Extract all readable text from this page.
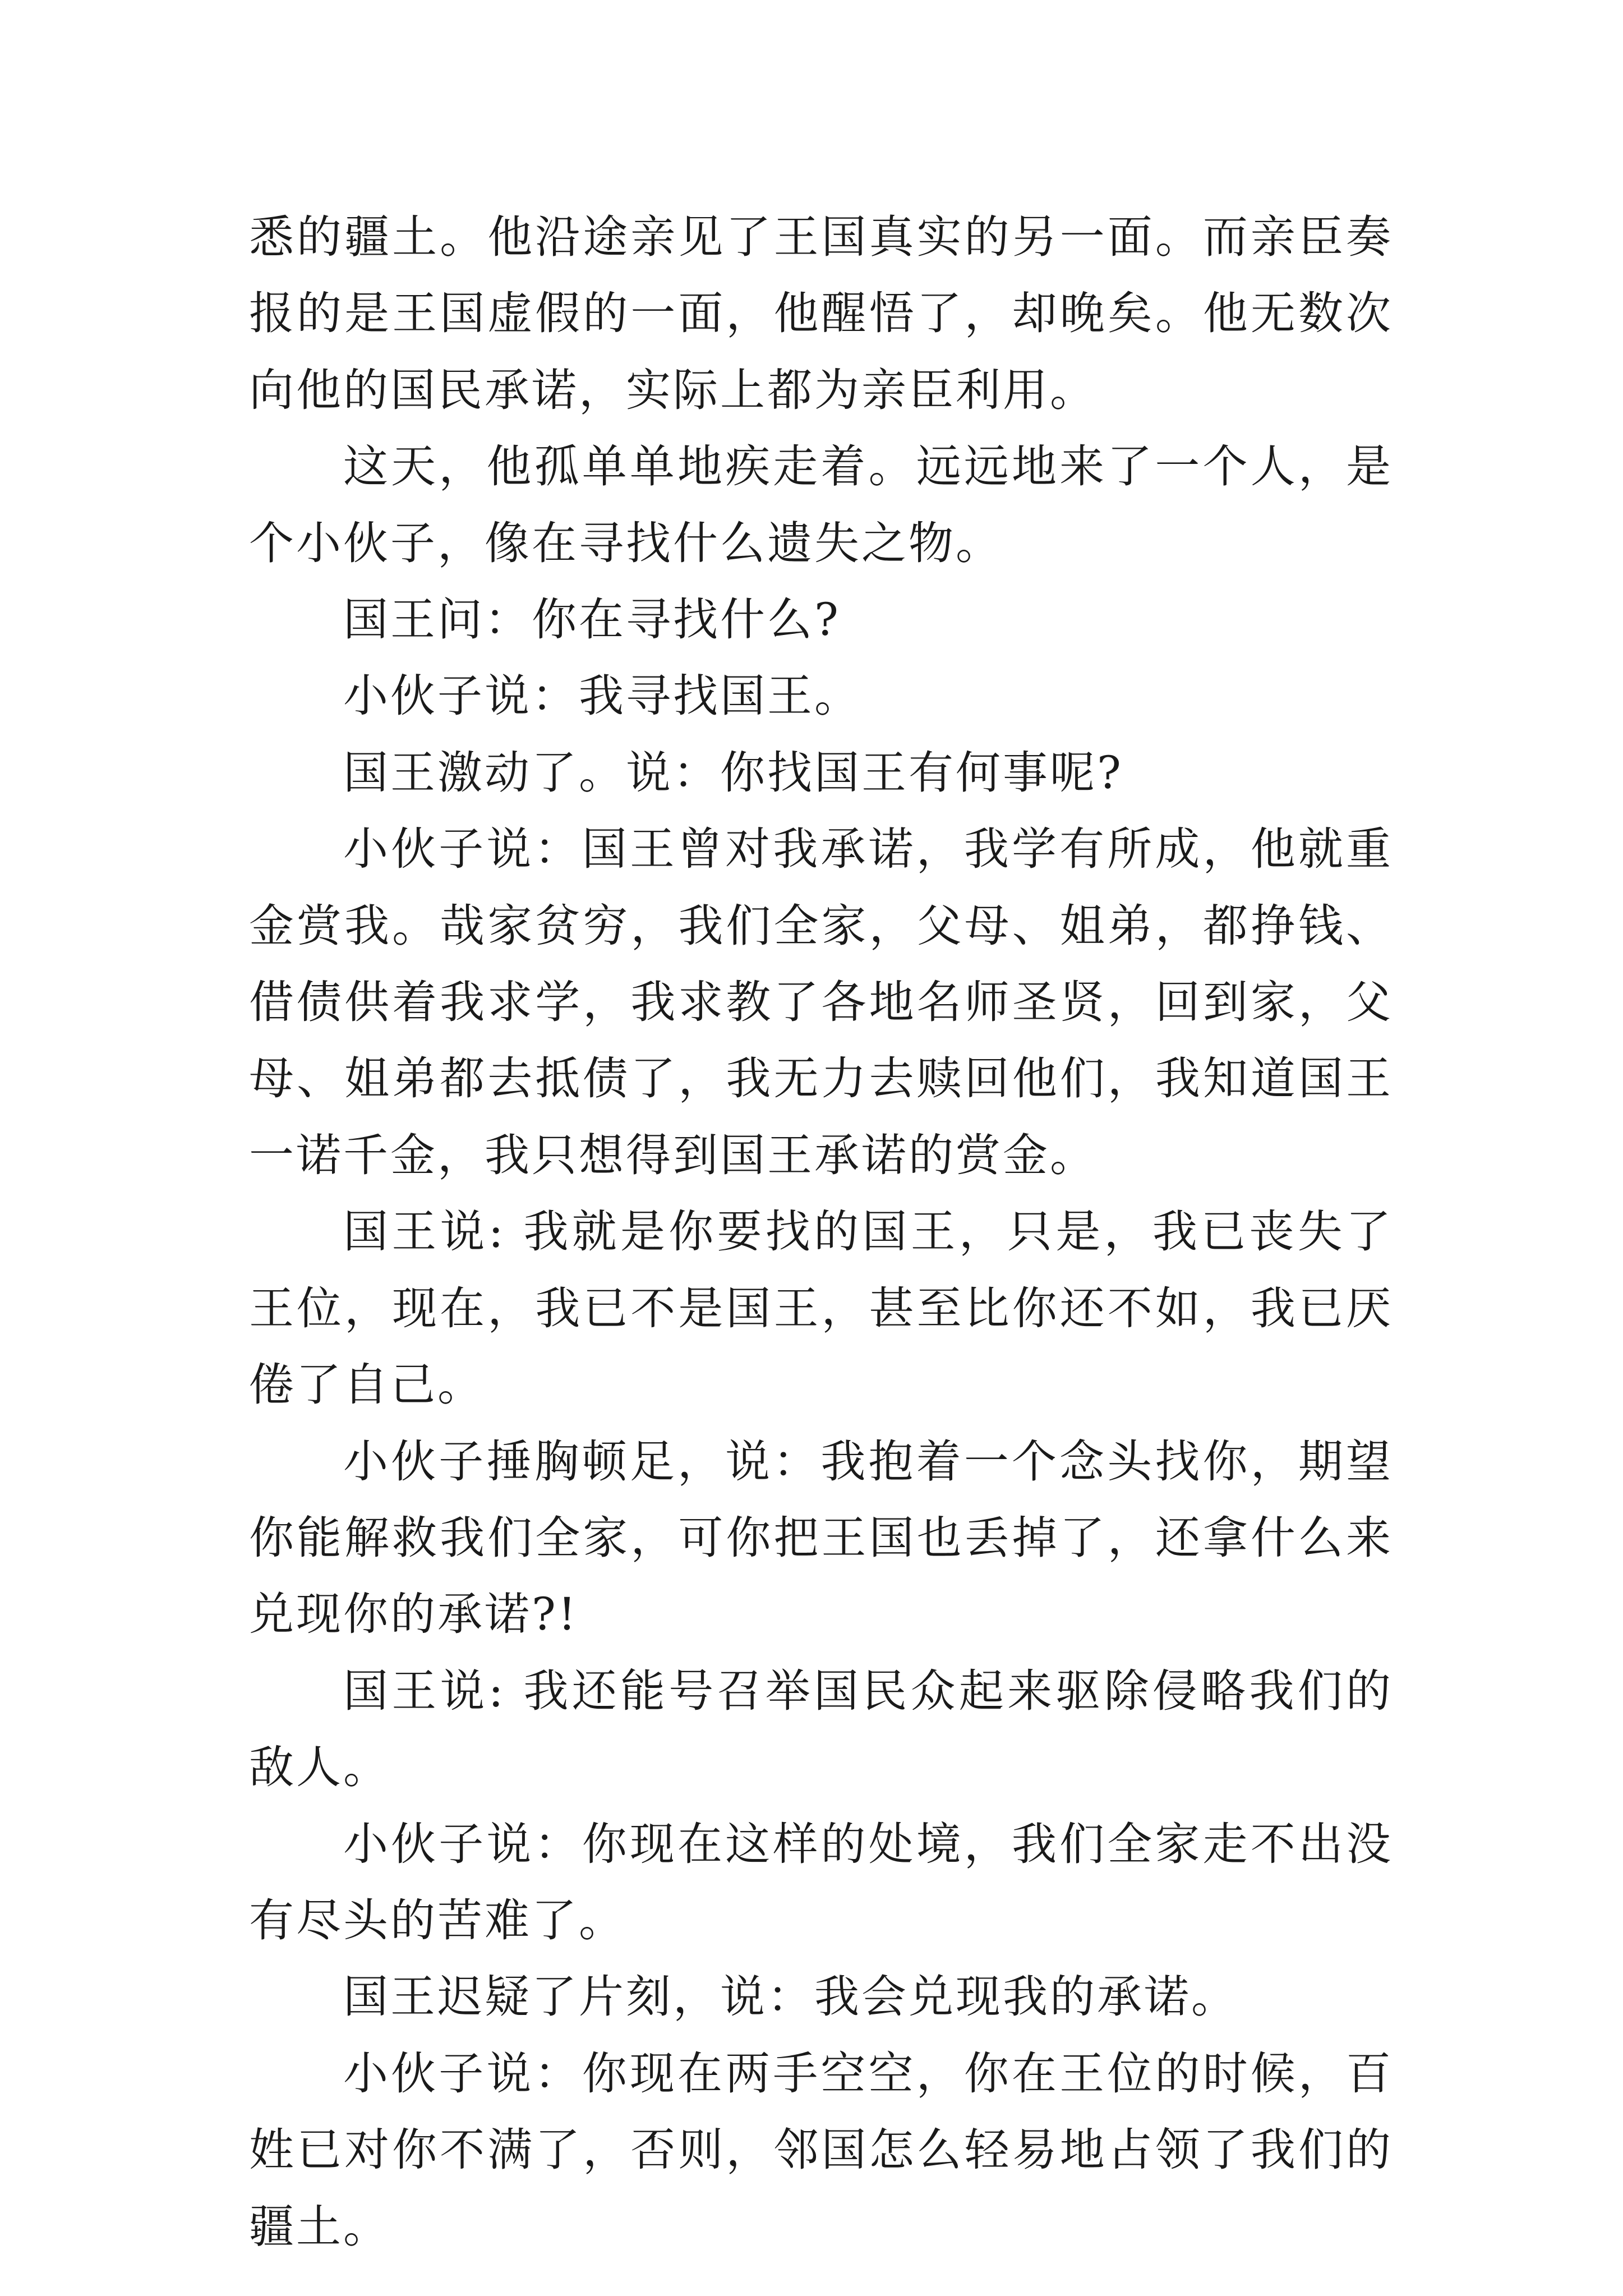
悉的疆土。他沿途亲见了王国真实的另一面。而亲臣奏报的是王国虚假的一面，他醒悟了，却晚矣。他无数次向他的国民承诺，实际上都为亲臣利用。

这天，他孤单单地疾走着。远远地来了一个人，是个小伙子，像在寻找什么遗失之物。

国王问：你在寻找什么?

小伙子说：我寻找国王。

国王激动了。说：你找国王有何事呢?

小伙子说：国王曾对我承诺，我学有所成，他就重金赏我。哉家贫穷，我们全家，父母、姐弟，都挣钱、借债供着我求学，我求教了各地名师圣贤，回到家，父母、姐弟都去抵债了，我无力去赎回他们，我知道国王一诺千金，我只想得到国王承诺的赏金。

国王说: 我就是你要找的国王，只是，我已丧失了王位，现在，我已不是国王，甚至比你还不如，我已厌倦了自己。

小伙子捶胸顿足，说：我抱着一个念头找你，期望你能解救我们全家，可你把王国也丢掉了，还拿什么来兑现你的承诺?!

国王说: 我还能号召举国民众起来驱除侵略我们的敌人。

小伙子说：你现在这样的处境，我们全家走不出没有尽头的苦难了。

国王迟疑了片刻，说：我会兑现我的承诺。

小伙子说：你现在两手空空，你在王位的时候，百姓已对你不满了，否则，邻国怎么轻易地占领了我们的疆土。
